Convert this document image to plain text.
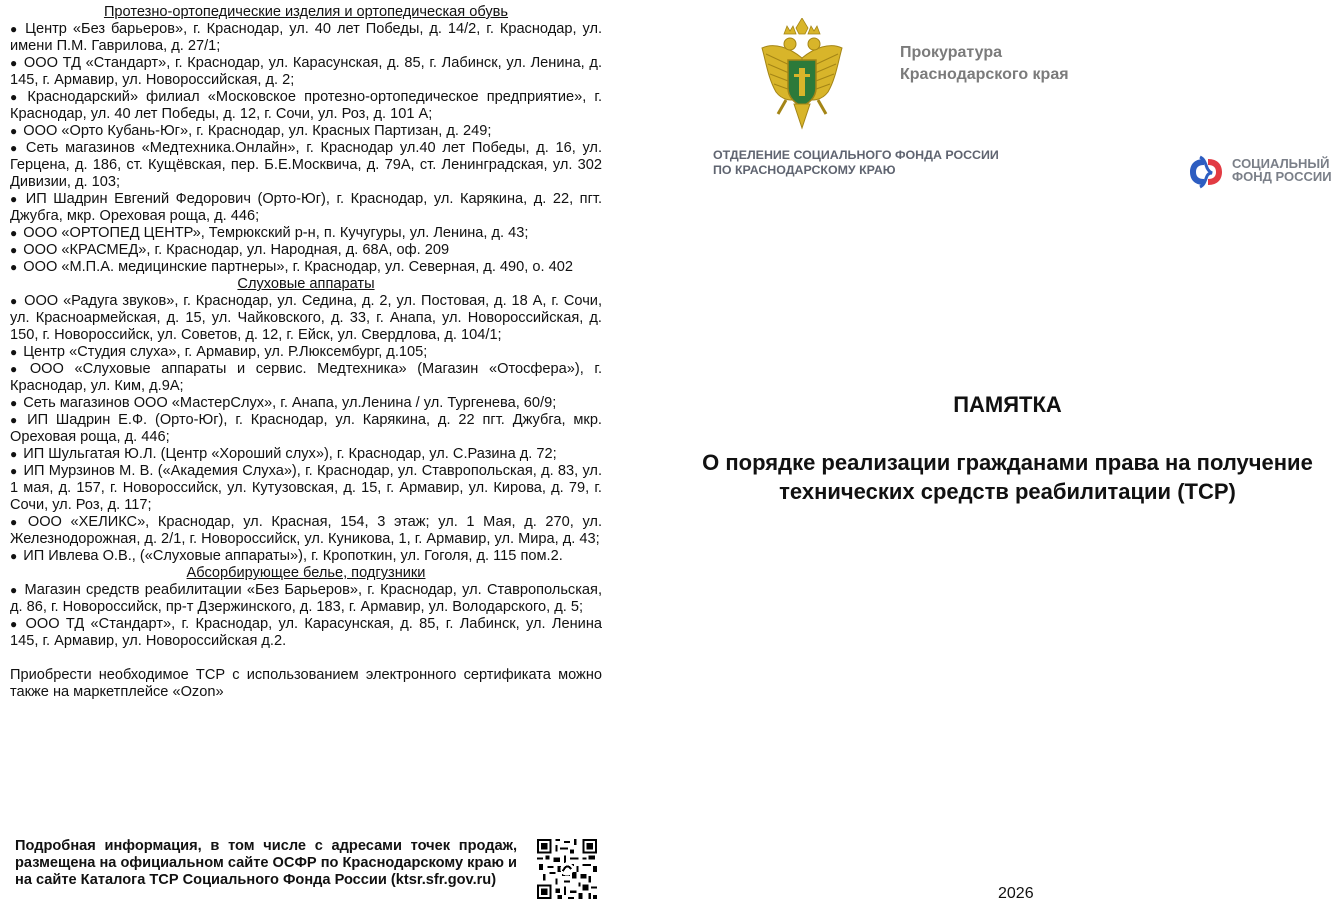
Протезно-ортопедические изделия и ортопедическая обувь
● Центр «Без барьеров», г. Краснодар, ул. 40 лет Победы, д. 14/2, г. Краснодар, ул. имени П.М. Гаврилова, д. 27/1;
● ООО ТД «Стандарт», г. Краснодар, ул. Карасунская, д. 85, г. Лабинск, ул. Ленина, д. 145, г. Армавир, ул. Новороссийская, д. 2;
● Краснодарский» филиал «Московское протезно-ортопедическое предприятие», г. Краснодар, ул. 40 лет Победы, д. 12, г. Сочи, ул. Роз, д. 101 А;
● ООО «Орто Кубань-Юг», г. Краснодар, ул. Красных Партизан, д. 249;
● Сеть магазинов «Медтехника.Онлайн», г. Краснодар ул.40 лет Победы, д. 16, ул. Герцена, д. 186, ст. Кущёвская, пер. Б.Е.Москвича, д. 79А, ст. Ленинградская, ул. 302 Дивизии, д. 103;
● ИП Шадрин Евгений Федорович (Орто-Юг), г. Краснодар, ул. Карякина, д. 22, пгт. Джубга, мкр. Ореховая роща, д. 446;
● ООО «ОРТОПЕД ЦЕНТР», Темрюкский р-н, п. Кучугуры, ул. Ленина, д. 43;
● ООО «КРАСМЕД», г. Краснодар, ул. Народная, д. 68А, оф. 209
● ООО «М.П.А. медицинские партнеры», г. Краснодар, ул. Северная, д. 490, о. 402
Слуховые аппараты
● ООО «Радуга звуков», г. Краснодар, ул. Седина, д. 2, ул. Постовая, д. 18 А, г. Сочи, ул. Красноармейская, д. 15, ул. Чайковского, д. 33, г. Анапа, ул. Новороссийская, д. 150, г. Новороссийск, ул. Советов, д. 12, г. Ейск, ул. Свердлова, д. 104/1;
● Центр «Студия слуха», г. Армавир, ул. Р.Люксембург, д.105;
● ООО «Слуховые аппараты и сервис. Медтехника» (Магазин «Отосфера»), г. Краснодар, ул. Ким, д.9А;
● Сеть магазинов ООО «МастерСлух», г. Анапа, ул.Ленина / ул. Тургенева, 60/9;
● ИП Шадрин Е.Ф. (Орто-Юг), г. Краснодар, ул. Карякина, д. 22 пгт. Джубга, мкр. Ореховая роща, д. 446;
● ИП Шульгатая Ю.Л. (Центр «Хороший слух»), г. Краснодар, ул. С.Разина д. 72;
● ИП Мурзинов М. В. («Академия Слуха»), г. Краснодар, ул. Ставропольская, д. 83, ул. 1 мая, д. 157, г. Новороссийск, ул. Кутузовская, д. 15, г. Армавир, ул. Кирова, д. 79, г. Сочи, ул. Роз, д. 117;
● ООО «ХЕЛИКС», Краснодар, ул. Красная, 154, 3 этаж; ул. 1 Мая, д. 270, ул. Железнодорожная, д. 2/1, г. Новороссийск, ул. Куникова, 1, г. Армавир, ул. Мира, д. 43;
● ИП Ивлева О.В., («Слуховые аппараты»), г. Кропоткин, ул. Гоголя, д. 115 пом.2.
Абсорбирующее белье, подгузники
● Магазин средств реабилитации «Без Барьеров», г. Краснодар, ул. Ставропольская, д. 86, г. Новороссийск, пр-т Дзержинского, д. 183, г. Армавир, ул. Володарского, д. 5;
● ООО ТД «Стандарт», г. Краснодар, ул. Карасунская, д. 85, г. Лабинск, ул. Ленина 145, г. Армавир, ул. Новороссийская д.2.
Приобрести необходимое ТСР с использованием электронного сертификата можно также на маркетплейсе «Ozon»
Подробная информация, в том числе с адресами точек продаж, размещена на официальном сайте ОСФР по Краснодарскому краю и на сайте Каталога ТСР Социального Фонда России (ktsr.sfr.gov.ru)
Прокуратура
Краснодарского края
ОТДЕЛЕНИЕ СОЦИАЛЬНОГО ФОНДА РОССИИ
ПО КРАСНОДАРСКОМУ КРАЮ	СОЦИАЛЬНЫЙ
ФОНД РОССИИ
ПАМЯТКА
О порядке реализации гражданами права на получение технических средств реабилитации (ТСР)
2026
